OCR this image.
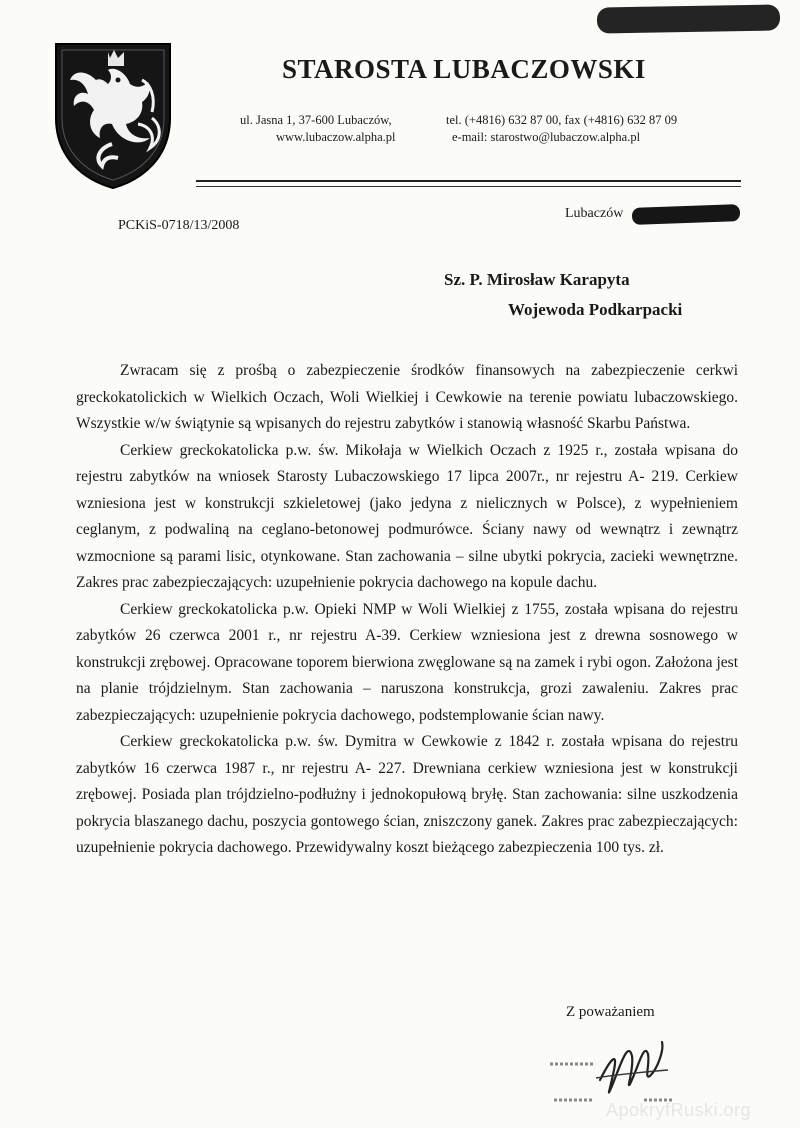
STAROSTA LUBACZOWSKI
ul. Jasna 1, 37-600 Lubaczów,
www.lubaczow.alpha.pl
tel. (+4816) 632 87 00, fax (+4816) 632 87 09
e-mail: starostwo@lubaczow.alpha.pl
PCKiS-0718/13/2008
Lubaczów
Sz. P. Mirosław Karapyta
Wojewoda Podkarpacki

Zwracam się z prośbą o zabezpieczenie środków finansowych na zabezpieczenie cerkwi greckokatolickich w Wielkich Oczach, Woli Wielkiej i Cewkowie na terenie powiatu lubaczowskiego. Wszystkie w/w świątynie są wpisanych do rejestru zabytków i stanowią własność Skarbu Państwa.

Cerkiew greckokatolicka p.w. św. Mikołaja w Wielkich Oczach z 1925 r., została wpisana do rejestru zabytków na wniosek Starosty Lubaczowskiego 17 lipca 2007r., nr rejestru A- 219. Cerkiew wzniesiona jest w konstrukcji szkieletowej (jako jedyna z nielicznych w Polsce), z wypełnieniem ceglanym, z podwaliną na ceglano-betonowej podmurówce. Ściany nawy od wewnątrz i zewnątrz wzmocnione są parami lisic, otynkowane. Stan zachowania – silne ubytki pokrycia, zacieki wewnętrzne. Zakres prac zabezpieczających: uzupełnienie pokrycia dachowego na kopule dachu.

Cerkiew greckokatolicka p.w. Opieki NMP w Woli Wielkiej z 1755, została wpisana do rejestru zabytków 26 czerwca 2001 r., nr rejestru A-39. Cerkiew wzniesiona jest z drewna sosnowego w konstrukcji zrębowej. Opracowane toporem bierwiona zwęglowane są na zamek i rybi ogon. Założona jest na planie trójdzielnym. Stan zachowania – naruszona konstrukcja, grozi zawaleniu. Zakres prac zabezpieczających: uzupełnienie pokrycia dachowego, podstemplowanie ścian nawy.

Cerkiew greckokatolicka p.w. św. Dymitra w Cewkowie z 1842 r. została wpisana do rejestru zabytków 16 czerwca 1987 r., nr rejestru A- 227. Drewniana cerkiew wzniesiona jest w konstrukcji zrębowej. Posiada plan trójdzielno-podłużny i jednokopułową bryłę. Stan zachowania: silne uszkodzenia pokrycia blaszanego dachu, poszycia gontowego ścian, zniszczony ganek. Zakres prac zabezpieczających: uzupełnienie pokrycia dachowego. Przewidywalny koszt bieżącego zabezpieczenia 100 tys. zł.

Z poważaniem
ApokryfRuski.org
